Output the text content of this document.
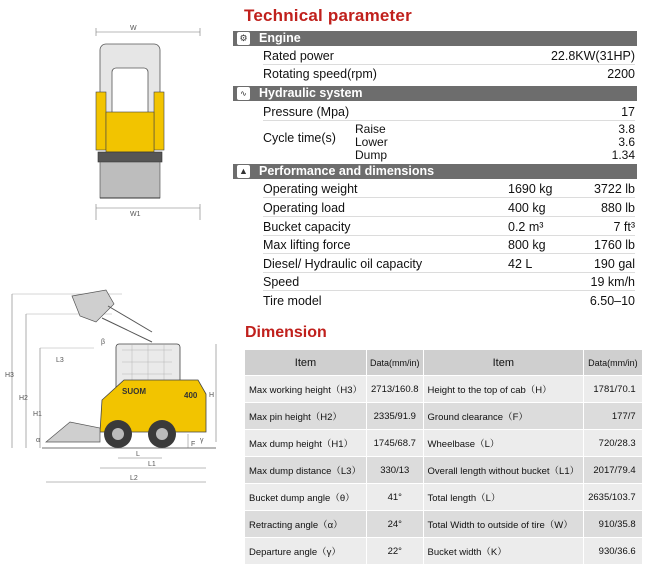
W
W1
H3
H2
H1
H
β
L3
SUOM	400
α	γ
F
L
L1
L2
Technical parameter
⚙ Engine
Rated power	22.8KW(31HP)
Rotating speed(rpm)	2200
∿ Hydraulic system
Pressure (Mpa)	17
Cycle time(s)
Raise	3.8
Lower	3.6
Dump	1.34
▲ Performance and dimensions
Operating weight	1690 kg	3722 lb
Operating load	400 kg	880 lb
Bucket capacity	0.2 m³	7 ft³
Max lifting force	800 kg	1760 lb
Diesel/ Hydraulic oil capacity	42 L	190 gal
Speed	19 km/h
Tire model	6.50–10
Dimension
Item	Data(mm/in)	Item	Data(mm/in)
Max working height（H3）	2713/160.8	Height to the top of cab（H）	1781/70.1
Max pin height（H2）	2335/91.9	Ground clearance（F）	177/7
Max dump height（H1）	1745/68.7	Wheelbase（L）	720/28.3
Max dump distance（L3）	330/13	Overall length without bucket（L1）	2017/79.4
Bucket dump angle（θ）	41°	Total length（L）	2635/103.7
Retracting angle（α）	24°	Total Width to outside of tire（W）	910/35.8
Departure angle（γ）	22°	Bucket width（K）	930/36.6
